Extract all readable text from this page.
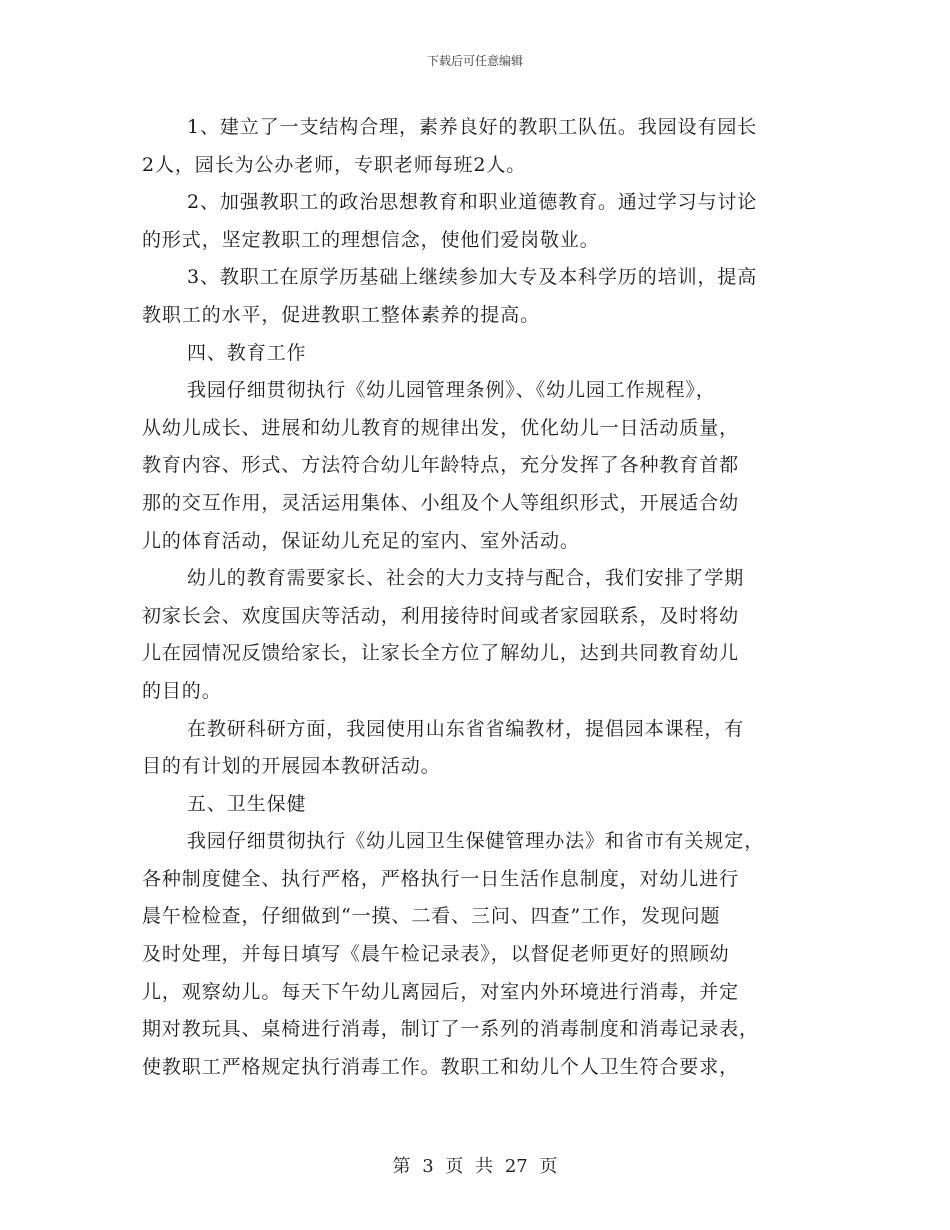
下载后可任意编辑
1、建立了一支结构合理，素养良好的教职工队伍。我园设有园长
2人，园长为公办老师，专职老师每班2人。
2、加强教职工的政治思想教育和职业道德教育。通过学习与讨论
的形式，坚定教职工的理想信念，使他们爱岗敬业。
3、教职工在原学历基础上继续参加大专及本科学历的培训，提高
教职工的水平，促进教职工整体素养的提高。
四、教育工作
我园仔细贯彻执行《幼儿园管理条例》、《幼儿园工作规程》，
从幼儿成长、进展和幼儿教育的规律出发，优化幼儿一日活动质量，
教育内容、形式、方法符合幼儿年龄特点，充分发挥了各种教育首都
那的交互作用，灵活运用集体、小组及个人等组织形式，开展适合幼
儿的体育活动，保证幼儿充足的室内、室外活动。
幼儿的教育需要家长、社会的大力支持与配合，我们安排了学期
初家长会、欢度国庆等活动，利用接待时间或者家园联系，及时将幼
儿在园情况反馈给家长，让家长全方位了解幼儿，达到共同教育幼儿
的目的。
在教研科研方面，我园使用山东省省编教材，提倡园本课程，有
目的有计划的开展园本教研活动。
五、卫生保健
我园仔细贯彻执行《幼儿园卫生保健管理办法》和省市有关规定，
各种制度健全、执行严格，严格执行一日生活作息制度，对幼儿进行
晨午检检查，仔细做到“一摸、二看、三问、四查”工作，发现问题
及时处理，并每日填写《晨午检记录表》，以督促老师更好的照顾幼
儿，观察幼儿。每天下午幼儿离园后，对室内外环境进行消毒，并定
期对教玩具、桌椅进行消毒，制订了一系列的消毒制度和消毒记录表，
使教职工严格规定执行消毒工作。教职工和幼儿个人卫生符合要求，
第 3 页 共 27 页
